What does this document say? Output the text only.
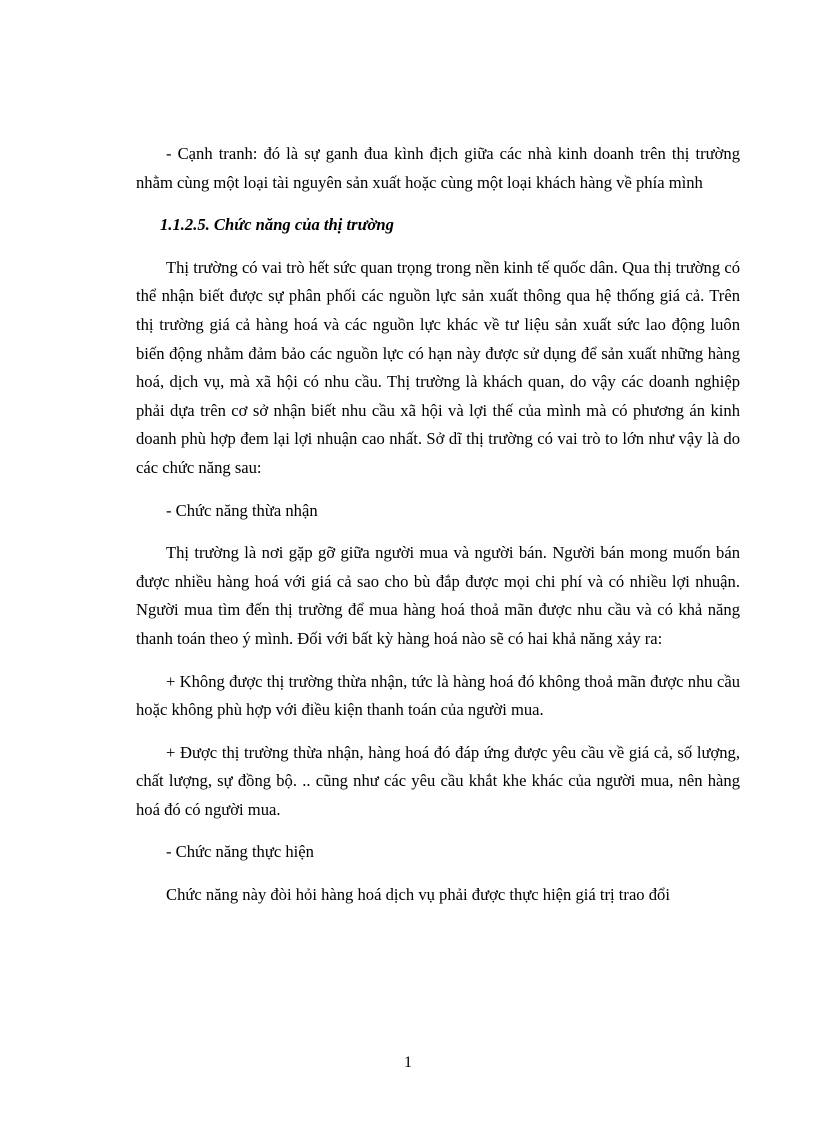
- Cạnh tranh: đó là sự ganh đua kình địch giữa các nhà kinh doanh trên thị trường nhằm cùng một loại tài nguyên sản xuất hoặc cùng một loại khách hàng về phía mình

1.1.2.5. Chức năng của thị trường

Thị trường có vai trò hết sức quan trọng trong nền kinh tế quốc dân. Qua thị trường có thể nhận biết được sự phân phối các nguồn lực sản xuất thông qua hệ thống giá cả. Trên thị trường giá cả hàng hoá và các nguồn lực khác về tư liệu sản xuất sức lao động luôn biến động nhằm đảm bảo các nguồn lực có hạn này được sử dụng để sản xuất những hàng hoá, dịch vụ, mà xã hội có nhu cầu. Thị trường là khách quan, do vậy các doanh nghiệp phải dựa trên cơ sở nhận biết nhu cầu xã hội và lợi thế của mình mà có phương án kinh doanh phù hợp đem lại lợi nhuận cao nhất. Sở dĩ thị trường có vai trò to lớn như vậy là do các chức năng sau:

- Chức năng thừa nhận

Thị trường là nơi gặp gỡ giữa người mua và người bán. Người bán mong muốn bán được nhiều hàng hoá với giá cả sao cho bù đắp được mọi chi phí và có nhiều lợi nhuận. Người mua tìm đến thị trường để mua hàng hoá thoả mãn được nhu cầu và có khả năng thanh toán theo ý mình. Đối với bất kỳ hàng hoá nào sẽ có hai khả năng xảy ra:

+ Không được thị trường thừa nhận, tức là hàng hoá đó không thoả mãn được nhu cầu hoặc không phù hợp với điều kiện thanh toán của người mua.

+ Được thị trường thừa nhận, hàng hoá đó đáp ứng được yêu cầu về giá cả, số lượng, chất lượng, sự đồng bộ. .. cũng như các yêu cầu khắt khe khác của người mua, nên hàng hoá đó có người mua.

- Chức năng thực hiện

Chức năng này đòi hỏi hàng hoá dịch vụ phải được thực hiện giá trị trao đổi

1
